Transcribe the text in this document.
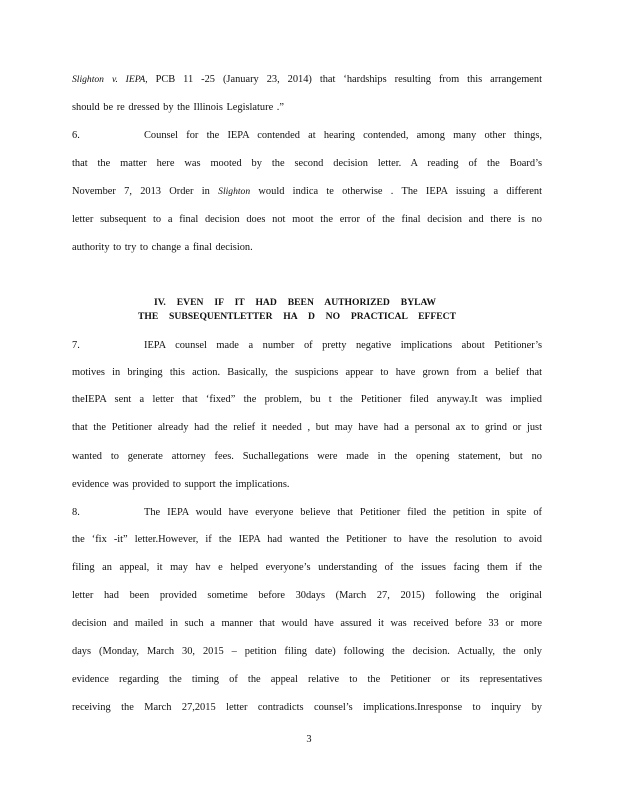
Slighton v. IEPA, PCB 11 -25 (January 23, 2014) that ‘hardships resulting from this arrangement
should be re dressed by the Illinois Legislature .”
6.	Counsel for the IEPA contended at hearing contended, among many other things,
that the matter here was mooted by the second decision letter. A reading of the Board’s
November 7, 2013 Order in Slighton would indica te otherwise . The IEPA issuing a different
letter subsequent to a final decision does not moot the error of the final decision and there is no
authority to try to change a final decision.
IV. EVEN IF IT HAD BEEN AUTHORIZED BYLAW
THE SUBSEQUENTLETTER HA D NO PRACTICAL EFFECT
7.	IEPA counsel made a number of pretty negative implications about Petitioner’s
motives in bringing this action. Basically, the suspicions appear to have grown from a belief that
theIEPA sent a letter that ‘fixed” the problem, bu t the Petitioner filed anyway.It was implied
that the Petitioner already had the relief it needed , but may have had a personal ax to grind or just
wanted to generate attorney fees. Suchallegations were made in the opening statement, but no
evidence was provided to support the implications.
8.	The IEPA would have everyone believe that Petitioner filed the petition in spite of
the ‘fix -it” letter.However, if the IEPA had wanted the Petitioner to have the resolution to avoid
filing an appeal, it may hav e helped everyone’s understanding of the issues facing them if the
letter had been provided sometime before 30days (March 27, 2015) following the original
decision and mailed in such a manner that would have assured it was received before 33 or more
days (Monday, March 30, 2015 – petition filing date) following the decision. Actually, the only
evidence regarding the timing of the appeal relative to the Petitioner or its representatives
receiving the March 27,2015 letter contradicts counsel’s implications.Inresponse to inquiry by
3
